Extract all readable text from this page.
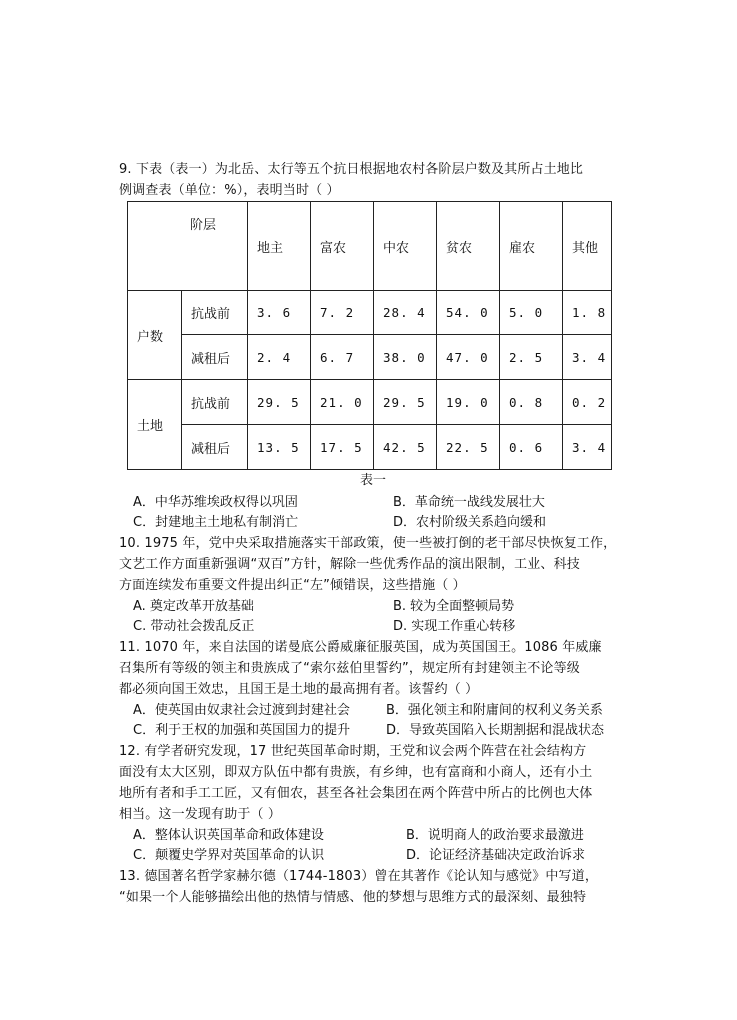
9. 下表（表一）为北岳、太行等五个抗日根据地农村各阶层户数及其所占土地比
例调查表（单位：%），表明当时（ ）
阶层		地主	富农	中农	贫农	雇农	其他
户数	抗战前	3. 6	7. 2	28. 4	54. 0	5. 0	1. 8
	减租后	2. 4	6. 7	38. 0	47. 0	2. 5	3. 4
土地	抗战前	29. 5	21. 0	29. 5	19. 0	0. 8	0. 2
	减租后	13. 5	17. 5	42. 5	22. 5	0. 6	3. 4
表一
A．中华苏维埃政权得以巩固	B．革命统一战线发展壮大
C．封建地主土地私有制消亡	D．农村阶级关系趋向缓和
10. 1975 年，党中央采取措施落实干部政策，使一些被打倒的老干部尽快恢复工作，
文艺工作方面重新强调“双百”方针，解除一些优秀作品的演出限制，工业、科技
方面连续发布重要文件提出纠正“左”倾错误，这些措施（ ）
A. 奠定改革开放基础	B. 较为全面整顿局势
C. 带动社会拨乱反正	D. 实现工作重心转移
11. 1070 年，来自法国的诺曼底公爵威廉征服英国，成为英国国王。1086 年威廉
召集所有等级的领主和贵族成了“索尔兹伯里誓约”，规定所有封建领主不论等级
都必须向国王效忠，且国王是土地的最高拥有者。该誓约（ ）
A．使英国由奴隶社会过渡到封建社会	B．强化领主和附庸间的权利义务关系
C．利于王权的加强和英国国力的提升	D．导致英国陷入长期割据和混战状态
12. 有学者研究发现，17 世纪英国革命时期，王党和议会两个阵营在社会结构方
面没有太大区别，即双方队伍中都有贵族，有乡绅，也有富商和小商人，还有小土
地所有者和手工工匠，又有佃农，甚至各社会集团在两个阵营中所占的比例也大体
相当。这一发现有助于（ ）
A．整体认识英国革命和政体建设	B．说明商人的政治要求最激进
C．颠覆史学界对英国革命的认识	D．论证经济基础决定政治诉求
13. 德国著名哲学家赫尔德（1744-1803）曾在其著作《论认知与感觉》中写道，
“如果一个人能够描绘出他的热情与情感、他的梦想与思维方式的最深刻、最独特
